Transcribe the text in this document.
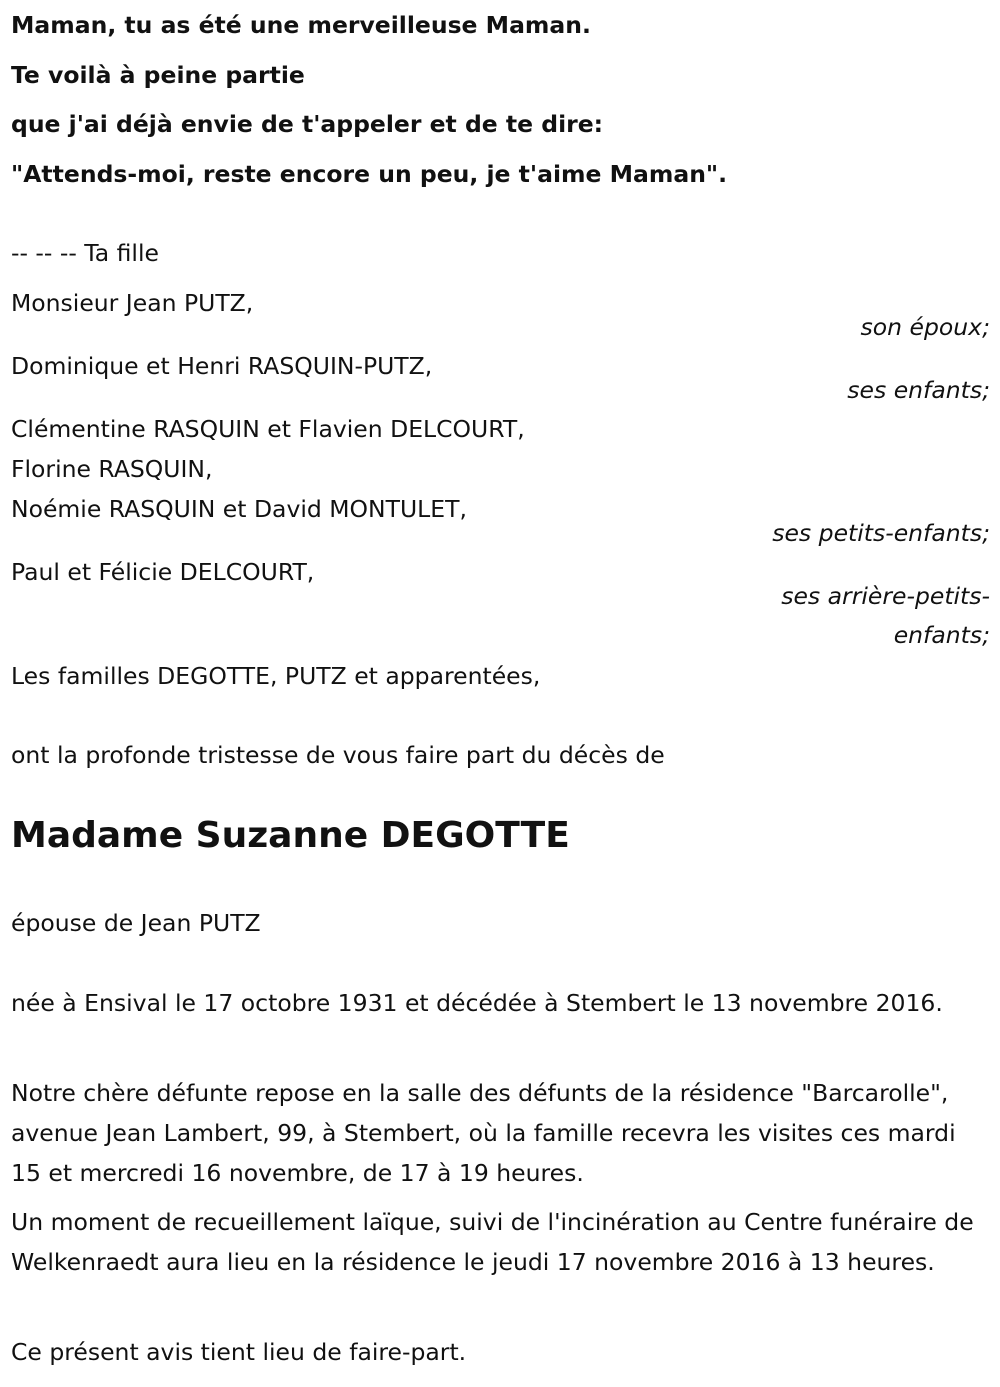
Maman, tu as été une merveilleuse Maman.
Te voilà à peine partie
que j'ai déjà envie de t'appeler et de te dire:
"Attends-moi, reste encore un peu, je t'aime Maman".
-- -- -- Ta fille
Monsieur Jean PUTZ,
son époux;
Dominique et Henri RASQUIN-PUTZ,
ses enfants;
Clémentine RASQUIN et Flavien DELCOURT,
Florine RASQUIN,
Noémie RASQUIN et David MONTULET,
ses petits-enfants;
Paul et Félicie DELCOURT,
ses arrière-petits-enfants;
Les familles DEGOTTE, PUTZ et apparentées,
ont la profonde tristesse de vous faire part du décès de
Madame Suzanne DEGOTTE
épouse de Jean PUTZ
née à Ensival le 17 octobre 1931 et décédée à Stembert le 13 novembre 2016.
Notre chère défunte repose en la salle des défunts de la résidence "Barcarolle", avenue Jean Lambert, 99, à Stembert, où la famille recevra les visites ces mardi 15 et mercredi 16 novembre, de 17 à 19 heures.
Un moment de recueillement laïque, suivi de l'incinération au Centre funéraire de Welkenraedt aura lieu en la résidence le jeudi 17 novembre 2016 à 13 heures.
Ce présent avis tient lieu de faire-part.
